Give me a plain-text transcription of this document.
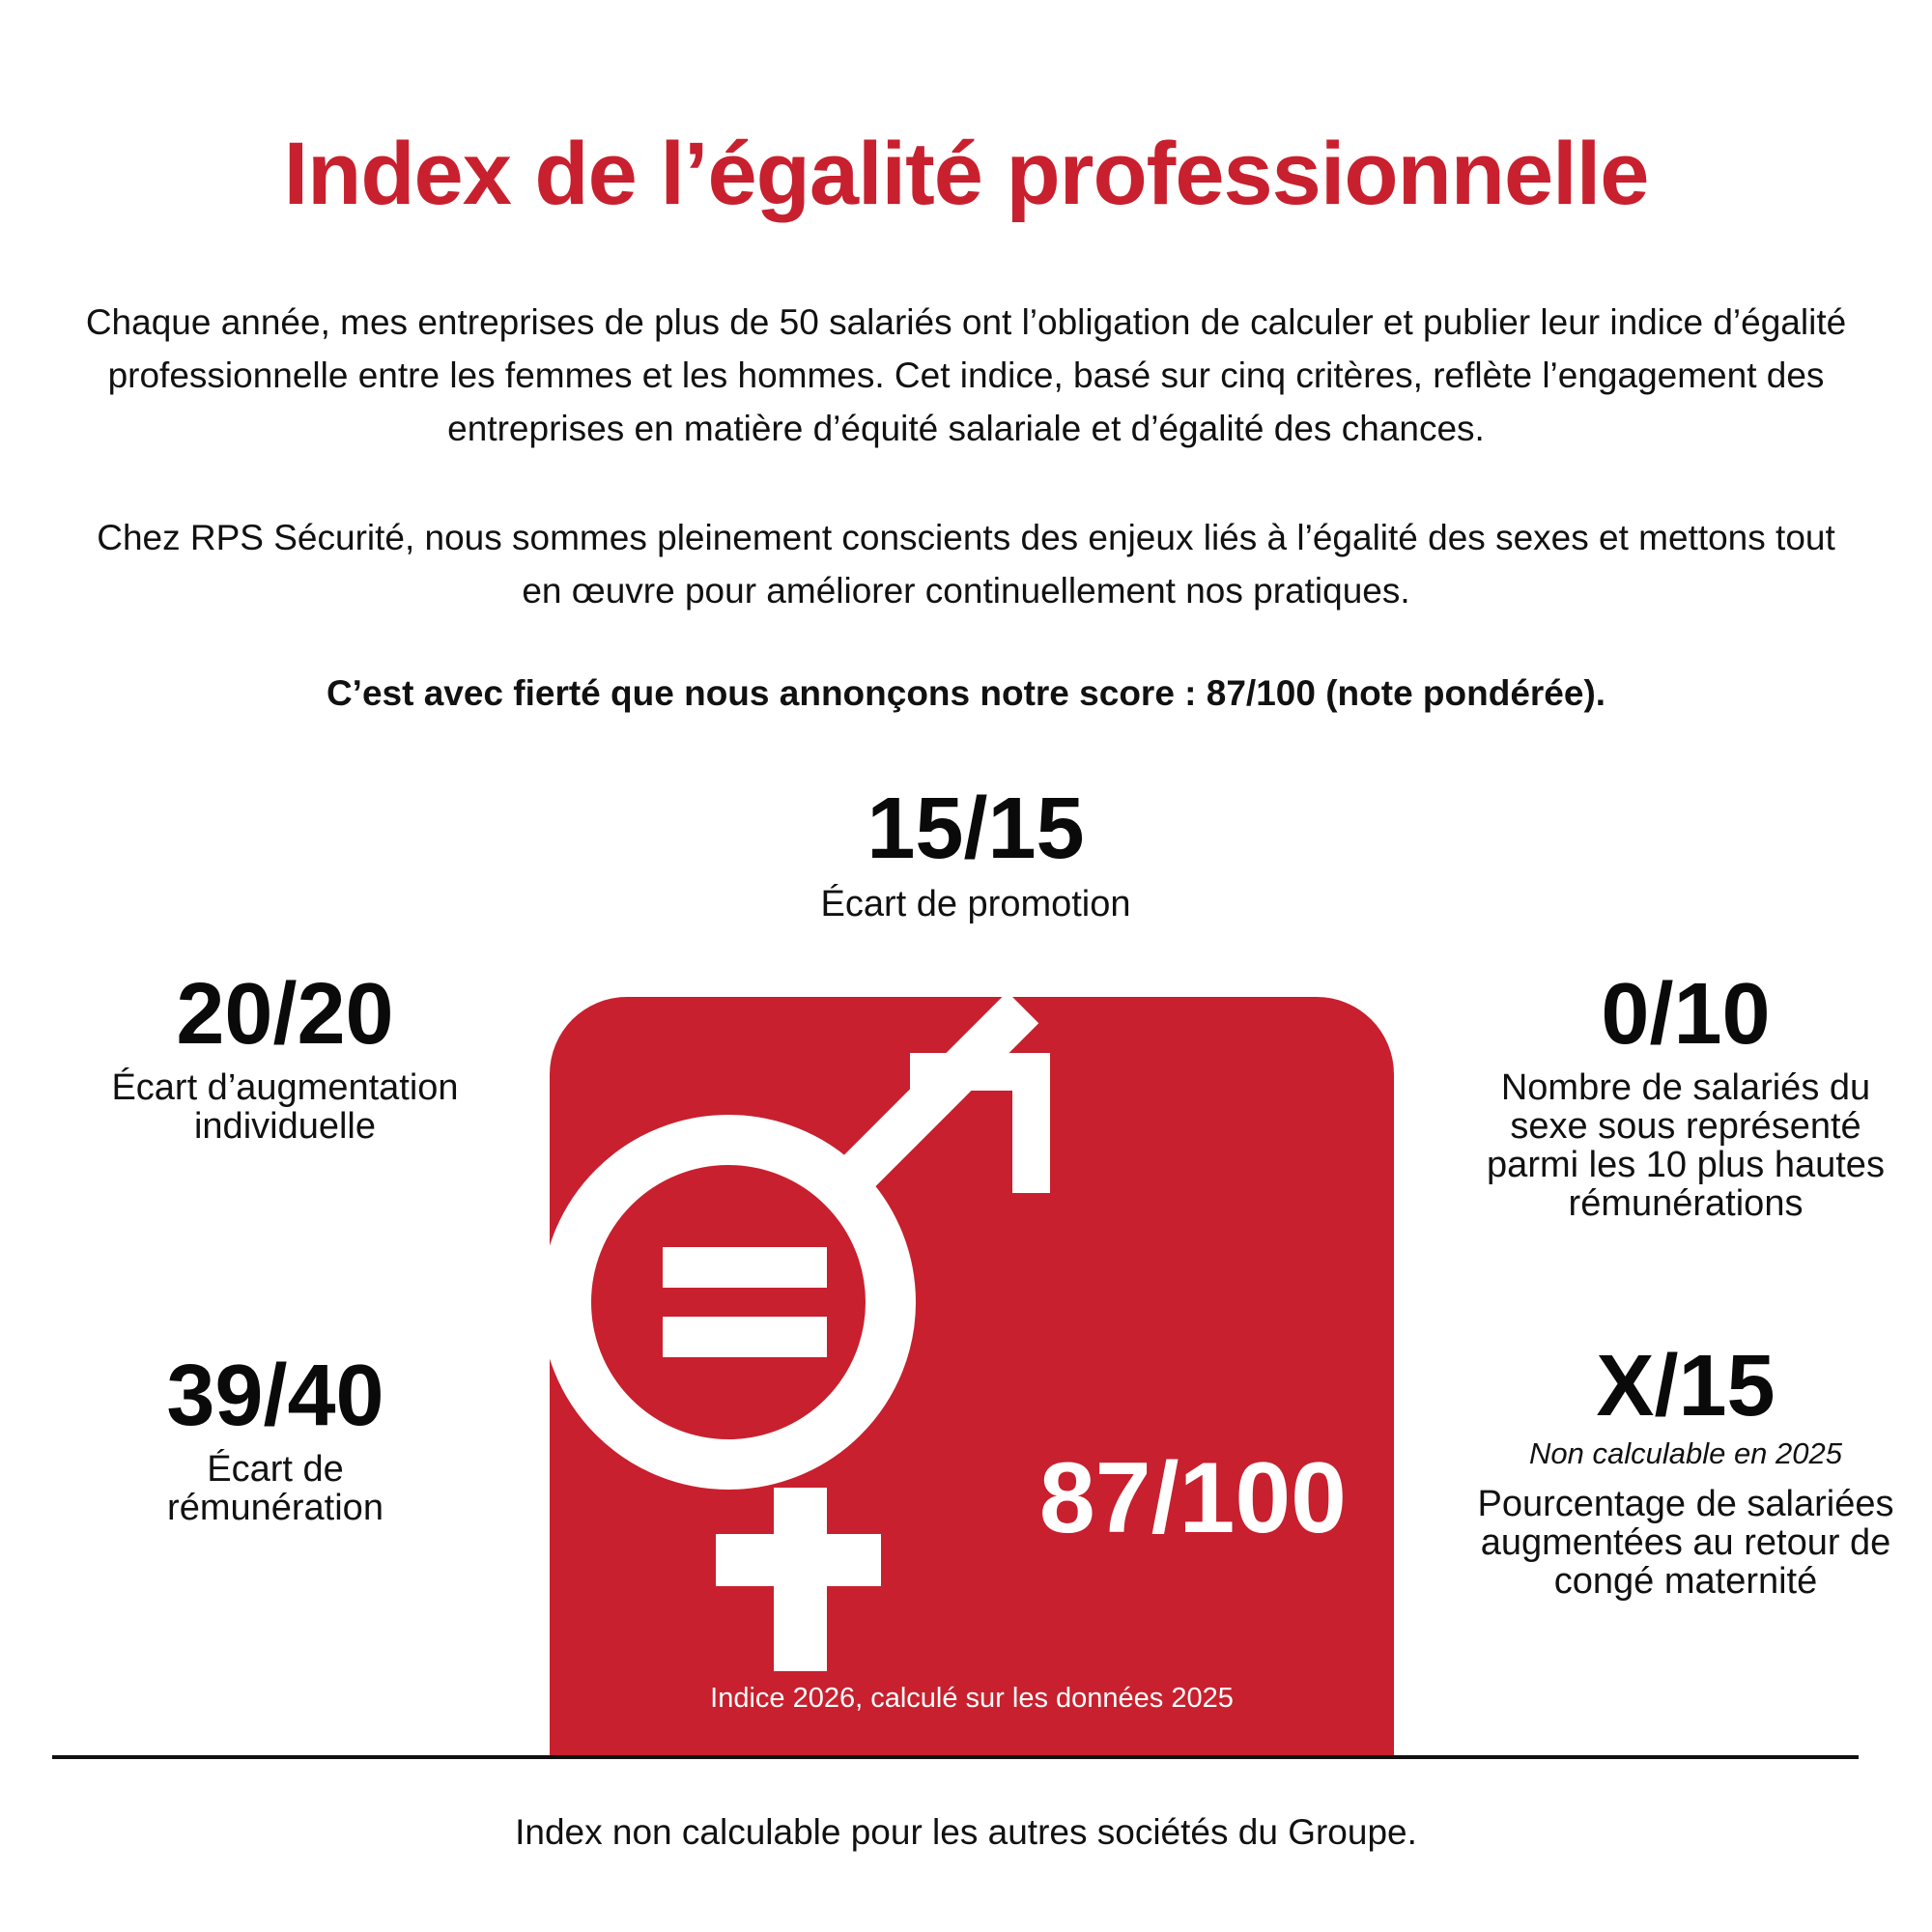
Index de l’égalité professionnelle
Chaque année, mes entreprises de plus de 50 salariés ont l’obligation de calculer et publier leur indice d’égalité professionnelle entre les femmes et les hommes. Cet indice, basé sur cinq critères, reflète l’engagement des entreprises en matière d’équité salariale et d’égalité des chances.
Chez RPS Sécurité, nous sommes pleinement conscients des enjeux liés à l’égalité des sexes et mettons tout en œuvre pour améliorer continuellement nos pratiques.
C’est avec fierté que nous annonçons notre score : 87/100 (note pondérée).
15/15
Écart de promotion
20/20
Écart d’augmentation individuelle
39/40
Écart de rémunération
0/10
Nombre de salariés du sexe sous représenté parmi les 10 plus hautes rémunérations
X/15
Non calculable en 2025
Pourcentage de salariées augmentées au retour de congé maternité
87/100
Indice 2026, calculé sur les données 2025
Index non calculable pour les autres sociétés du Groupe.
